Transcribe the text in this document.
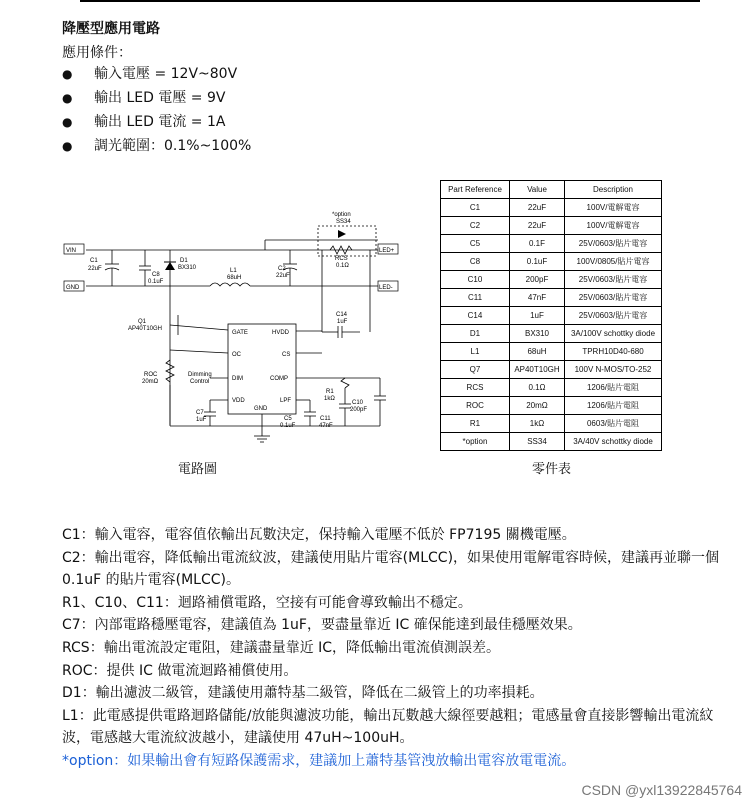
降壓型應用電路
應用條件：
● 輸入電壓 = 12V~80V
● 輸出 LED 電壓 = 9V
● 輸出 LED 電流 = 1A
● 調光範圍：0.1%~100%
VIN
GND
LED+
LED-
C1
22uF
C8
0.1uF
D1
BX310	L1
68uH
C2
22uF
*option
SS34
RCS
0.1Ω
C14
1uF
Q1
AP40T10GH
ROC
20mΩ
Dimming
Control
C7
1uF	C5
0.1uF
C11
47nF
R1
1kΩ
C10
200pF
GATE	HVDD
OC	CS
DIM	COMP
VDD	LPF
GND
電路圖
Part Reference	Value	Description
C1	22uF	100V/電解電容
C2	22uF	100V/電解電容
C5	0.1F	25V/0603/貼片電容
C8	0.1uF	100V/0805/貼片電容
C10	200pF	25V/0603/貼片電容
C11	47nF	25V/0603/貼片電容
C14	1uF	25V/0603/貼片電容
D1	BX310	3A/100V schottky diode
L1	68uH	TPRH10D40-680
Q7	AP40T10GH	100V N-MOS/TO-252
RCS	0.1Ω	1206/貼片電阻
ROC	20mΩ	1206/貼片電阻
R1	1kΩ	0603/貼片電阻
*option	SS34	3A/40V schottky diode
零件表

C1：輸入電容，電容值依輸出瓦數決定，保持輸入電壓不低於 FP7195 關機電壓。

C2：輸出電容，降低輸出電流紋波，建議使用貼片電容(MLCC)，如果使用電解電容時候，建議再並聯一個 0.1uF 的貼片電容(MLCC)。

R1、C10、C11：迴路補償電路，空接有可能會導致輸出不穩定。

C7：內部電路穩壓電容，建議值為 1uF，要盡量靠近 IC 確保能達到最佳穩壓效果。

RCS：輸出電流設定電阻，建議盡量靠近 IC，降低輸出電流偵測誤差。

ROC：提供 IC 做電流迴路補償使用。

D1：輸出濾波二級管，建議使用蕭特基二級管，降低在二級管上的功率損耗。

L1：此電感提供電路迴路儲能/放能與濾波功能，輸出瓦數越大線徑要越粗；電感量會直接影響輸出電流紋波，電感越大電流紋波越小，建議使用 47uH~100uH。

*option：如果輸出會有短路保護需求，建議加上蕭特基管洩放輸出電容放電電流。

CSDN @yxl13922845764
